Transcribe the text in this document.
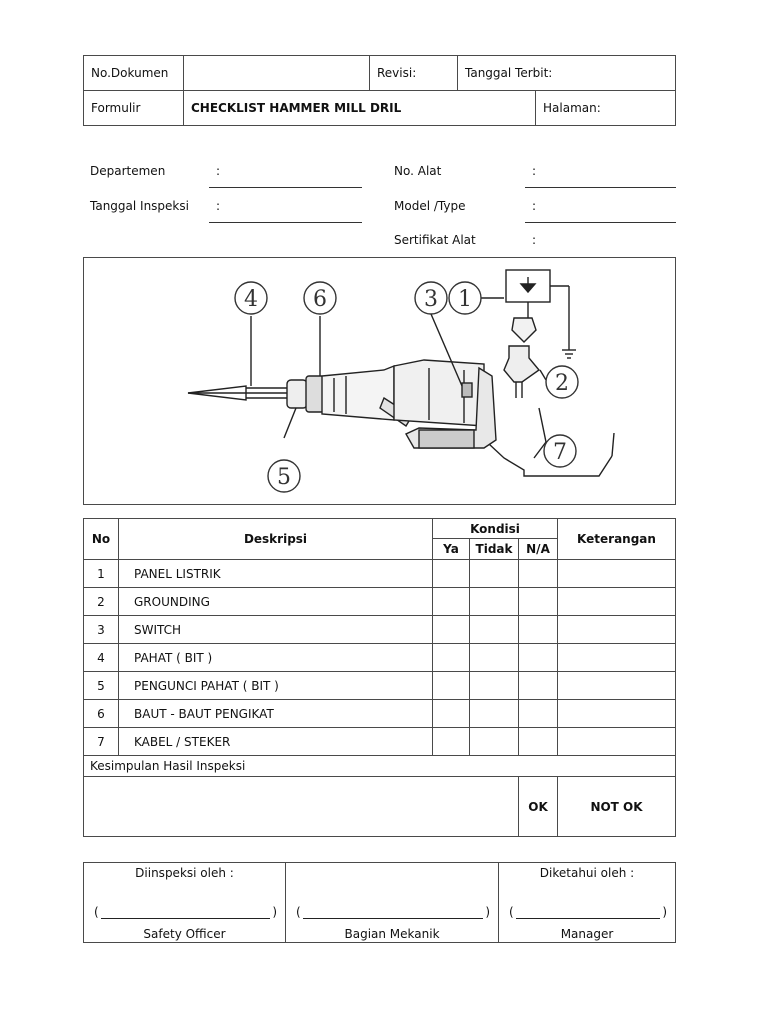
No.Dokumen		Revisi:	Tanggal Terbit:	
Formulir	CHECKLIST HAMMER MILL DRIL			Halaman:
Departemen	:
Tanggal Inspeksi :
No. Alat	:
Model /Type	:
Sertifikat Alat	:
4	6	3 1
2
5
7
No	Deskripsi	Kondisi			Keterangan
		Ya	Tidak	N/A	
1	PANEL LISTRIK				
2	GROUNDING				
3	SWITCH				
4	PAHAT ( BIT )				
5	PENGUNCI PAHAT ( BIT )				
6	BAUT - BAUT PENGIKAT				
7	KABEL / STEKER				
Kesimpulan Hasil Inspeksi					
				OK	NOT OK
Diinspeksi oleh :
(	)
Safety Officer

(	)
Bagian Mekanik

Diketahui oleh :
(	)
Manager
